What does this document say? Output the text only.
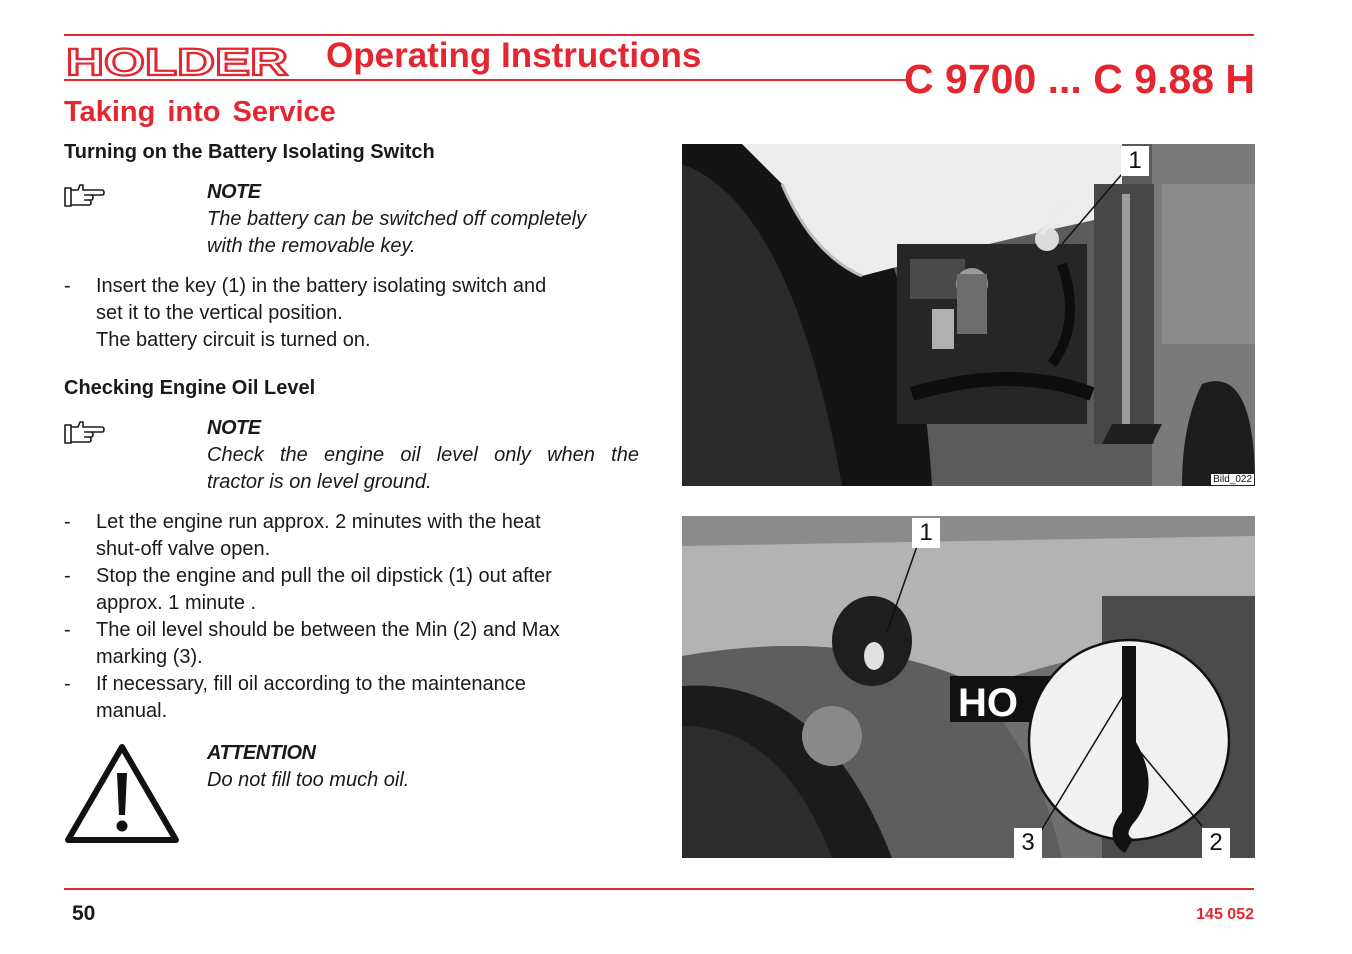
HOLDER Operating Instructions
C 9700 ... C 9.88 H
Taking into Service
Turning on the Battery Isolating Switch
NOTE
The battery can be switched off completely
with the removable key.
- Insert the key (1) in the battery isolating switch and
set it to the vertical position.
The battery circuit is turned on.
Checking Engine Oil Level
NOTE
Check the engine oil level only when the
tractor is on level ground.
- Let the engine run approx. 2 minutes with the heat
shut-off valve open.
- Stop the engine and pull the oil dipstick (1) out after
approx. 1 minute .
- The oil level should be between the Min (2) and Max
marking (3).
- If necessary, fill oil according to the maintenance
manual.
ATTENTION
Do not fill too much oil.
1
Bild_022
HO
1
3	2
50	145 052
